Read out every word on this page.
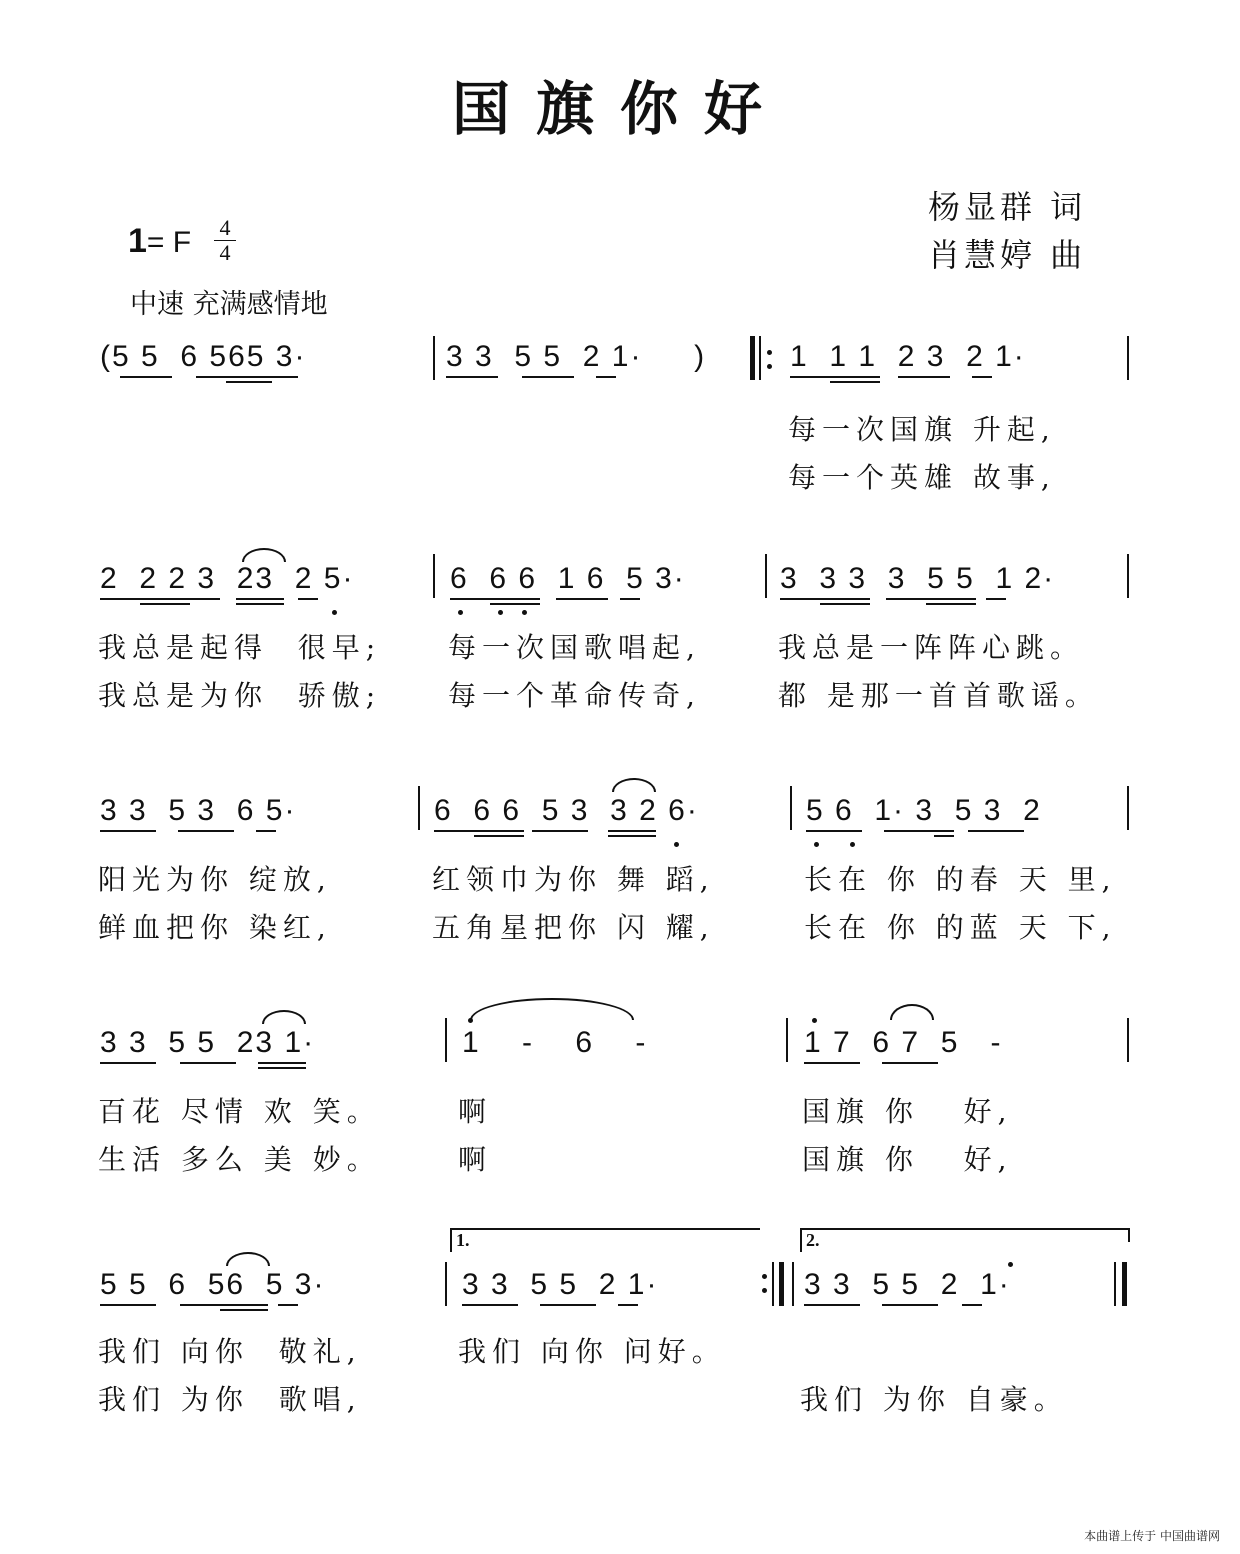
国旗你好
杨显群 词
肖慧婷 曲
1= F 4
4
中速 充满感情地
(5 5  6 565 3·	3 3  5 5  2 1·     )	1  1 1  2 3  2 1·
每一次国旗 升起,
每一个英雄 故事,
2  2 2 3  23  2 5·	6  6 6  1 6  5 3·	3  3 3  3  5 5  1 2·
我总是起得  很早; 每一次国歌唱起,	我总是一阵阵心跳。
我总是为你  骄傲; 每一个革命传奇,	都 是那一首首歌谣。
3 3  5 3  6 5·	6  6 6  5 3  3 2 6·	5 6  1· 3  5 3  2
阳光为你 绽放,	红领巾为你 舞 蹈,	长在 你 的春 天 里,
鲜血把你 染红,	五角星把你 闪 耀,	长在 你 的蓝 天 下,
3 3  5 5  23 1·	1    -    6    -	1 7  6 7  5   -
百花 尽情 欢 笑。	啊	国旗 你   好,
生活 多么 美 妙。	啊	国旗 你   好,
1.	2.
5 5  6  56  5 3·	3 3  5 5  2 1·	3 3  5 5  2  1·
我们 向你  敬礼,	我们 向你 问好。
我们 为你  歌唱,	我们 为你 自豪。
本曲谱上传于 中国曲谱网
